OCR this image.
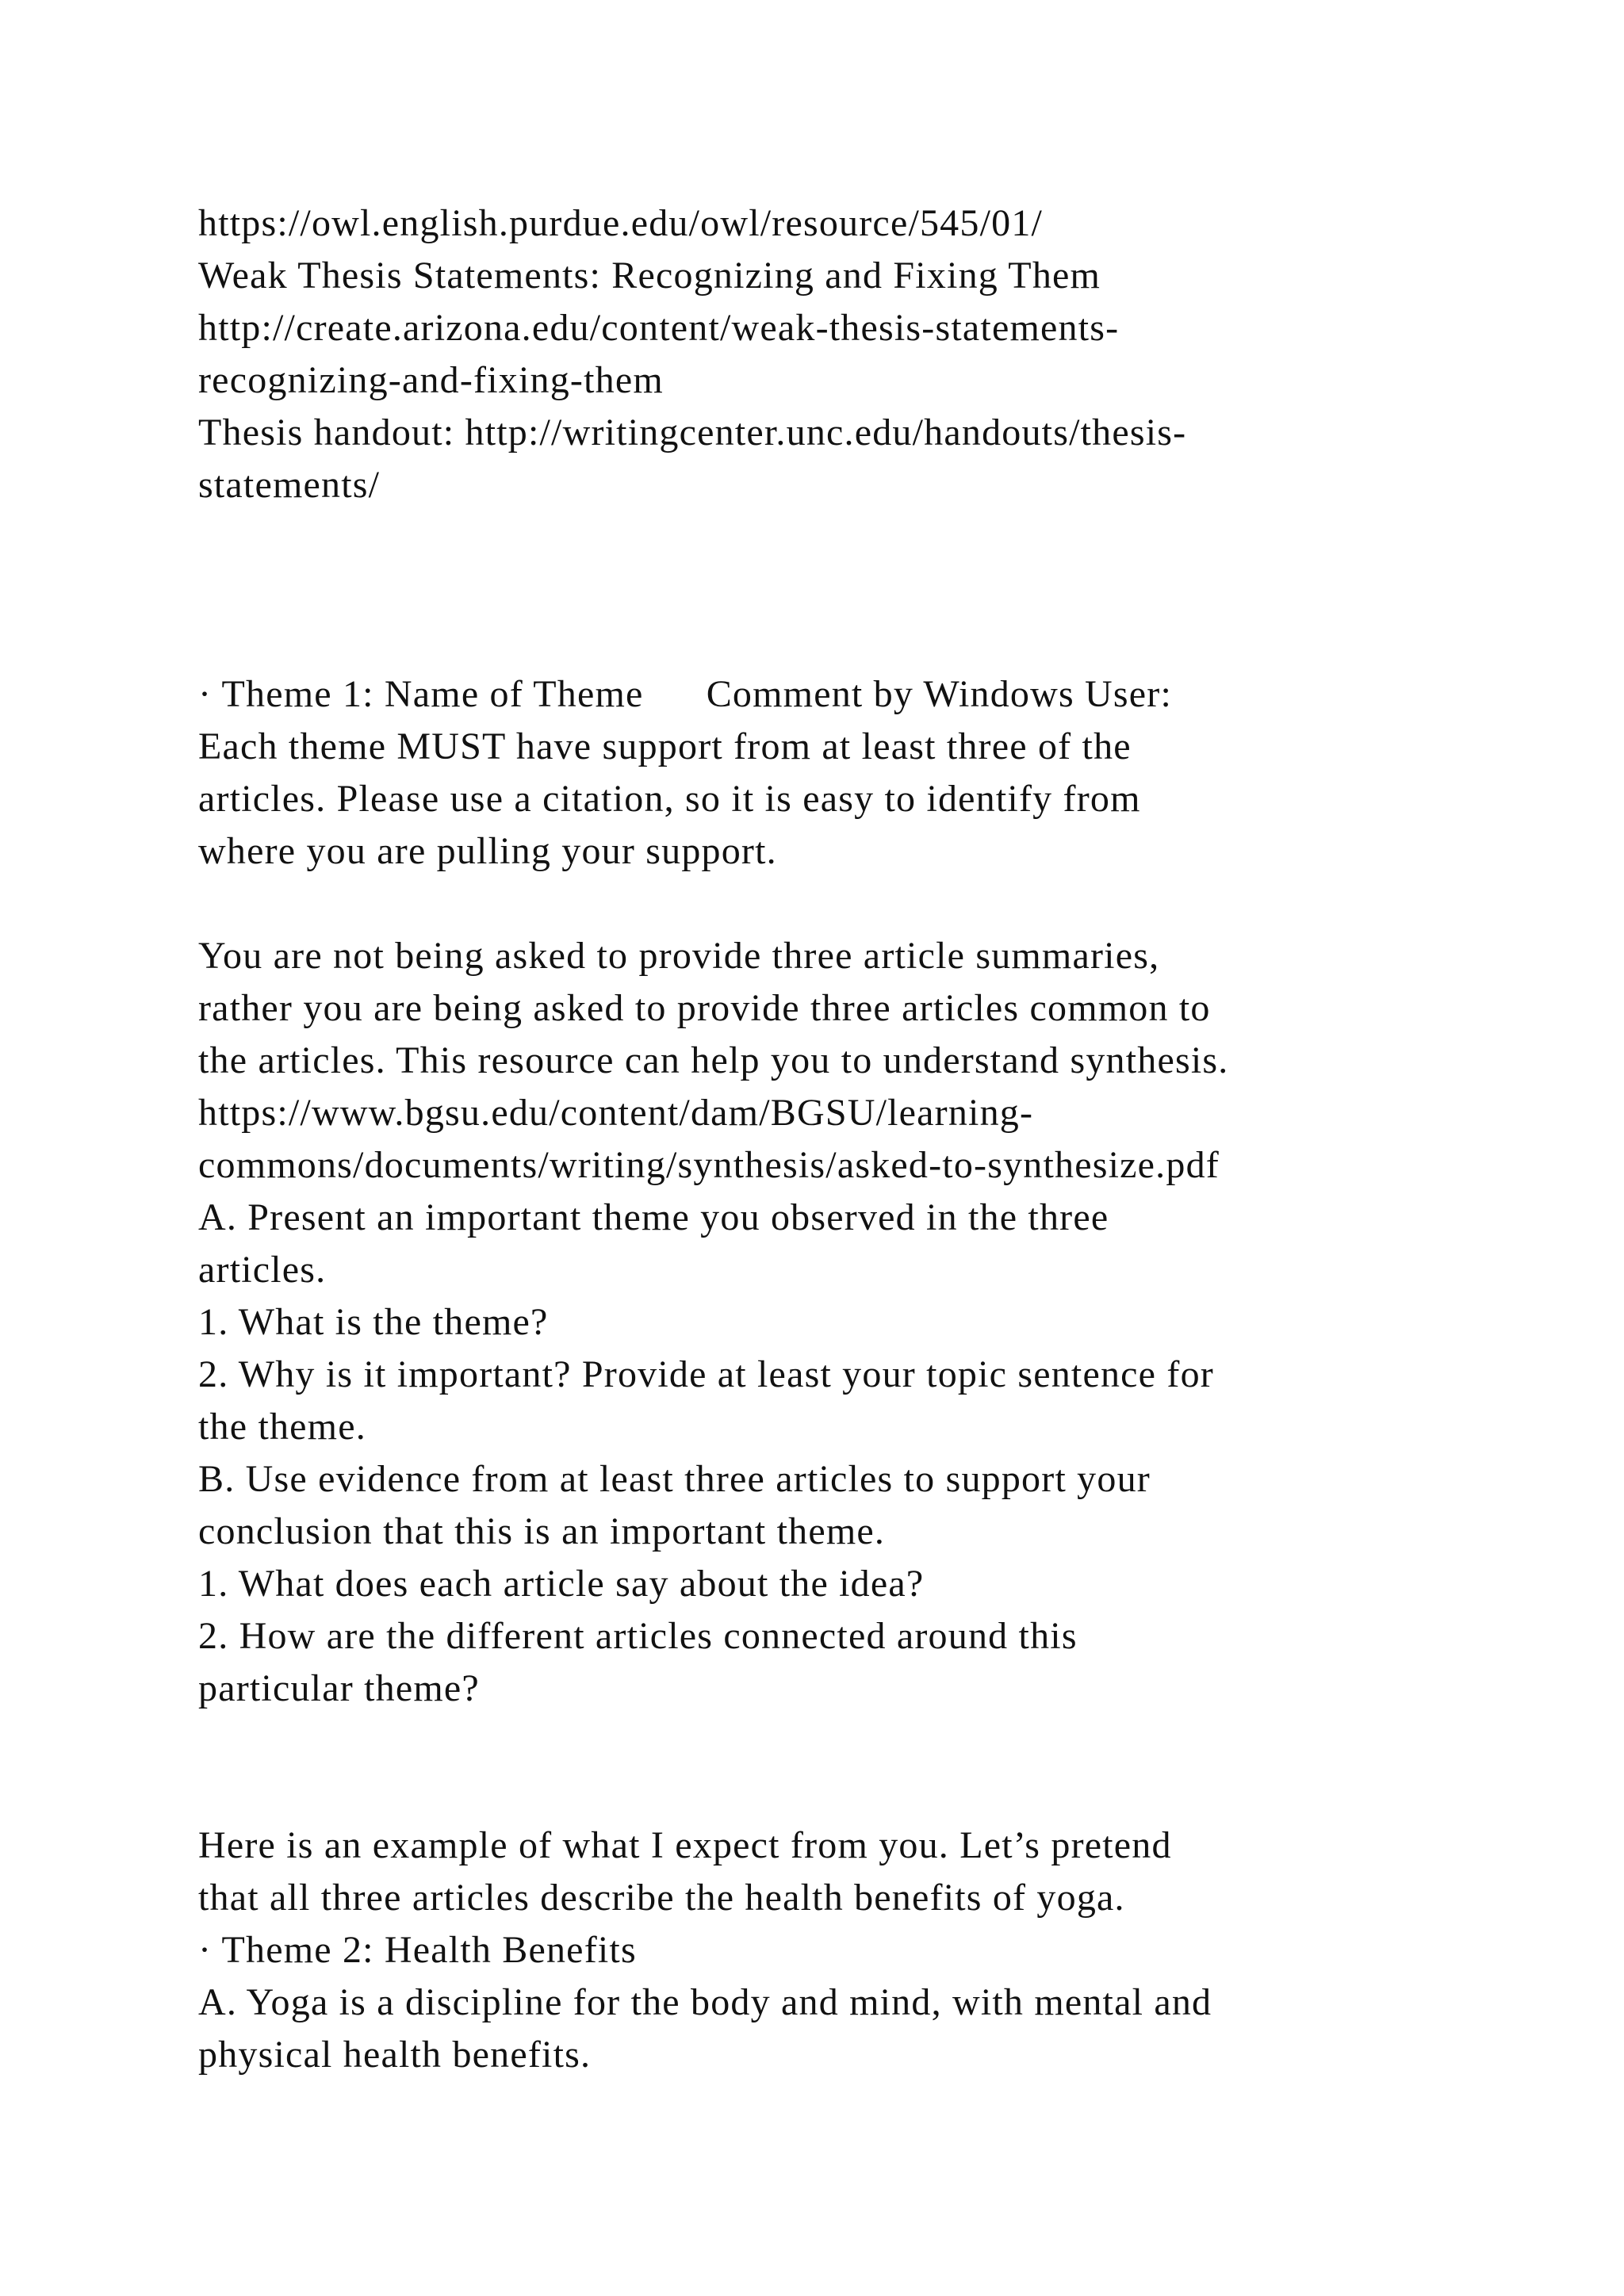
https://owl.english.purdue.edu/owl/resource/545/01/

Weak Thesis Statements: Recognizing and Fixing Them

http://create.arizona.edu/content/weak-thesis-statements-

recognizing-and-fixing-them

Thesis handout: http://writingcenter.unc.edu/handouts/thesis-

statements/

· Theme 1: Name of Theme      Comment by Windows User:

Each theme MUST have support from at least three of the

articles. Please use a citation, so it is easy to identify from

where you are pulling your support.

You are not being asked to provide three article summaries,

rather you are being asked to provide three articles common to

the articles. This resource can help you to understand synthesis.

https://www.bgsu.edu/content/dam/BGSU/learning-

commons/documents/writing/synthesis/asked-to-synthesize.pdf

A. Present an important theme you observed in the three

articles.

1. What is the theme?

2. Why is it important? Provide at least your topic sentence for

the theme.

B. Use evidence from at least three articles to support your

conclusion that this is an important theme.

1. What does each article say about the idea?

2. How are the different articles connected around this

particular theme?

Here is an example of what I expect from you. Let’s pretend

that all three articles describe the health benefits of yoga.

· Theme 2: Health Benefits

A. Yoga is a discipline for the body and mind, with mental and

physical health benefits.
